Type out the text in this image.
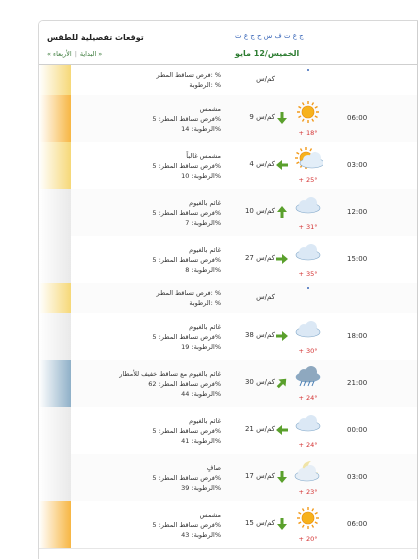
توقعات تفصيلية للطقس
« البداية|الأربعاء »
ج ع ت ف س ح ج ع ت
الخميس/12 مايو
فرص تساقط المطر: %
الرطوبة: %
كم/س
مشمس
فرص تساقط المطر: 5%
الرطوبة: 14%
9 كم/س
+ 18°
06:00
مشمس غالباً
فرص تساقط المطر: 5%
الرطوبة: 10%
4 كم/س
+ 25°
03:00
غائم بالغيوم
فرص تساقط المطر: 5%
الرطوبة: 7%
10 كم/س
+ 31°
12:00
غائم بالغيوم
فرص تساقط المطر: 5%
الرطوبة: 8%
27 كم/س
+ 35°
15:00
فرص تساقط المطر: %
الرطوبة: %
كم/س
غائم بالغيوم
فرص تساقط المطر: 5%
الرطوبة: 19%
38 كم/س
+ 30°
18:00
غائم بالغيوم مع تساقط خفيف للأمطار
فرص تساقط المطر: 62%
الرطوبة: 44%
30 كم/س
+ 24°
21:00
غائم بالغيوم
فرص تساقط المطر: 5%
الرطوبة: 41%
21 كم/س
+ 24°
00:00
صافٍ
فرص تساقط المطر: 5%
الرطوبة: 39%
17 كم/س
+ 23°
03:00
مشمس
فرص تساقط المطر: 5%
الرطوبة: 43%
15 كم/س
+ 20°
06:00
